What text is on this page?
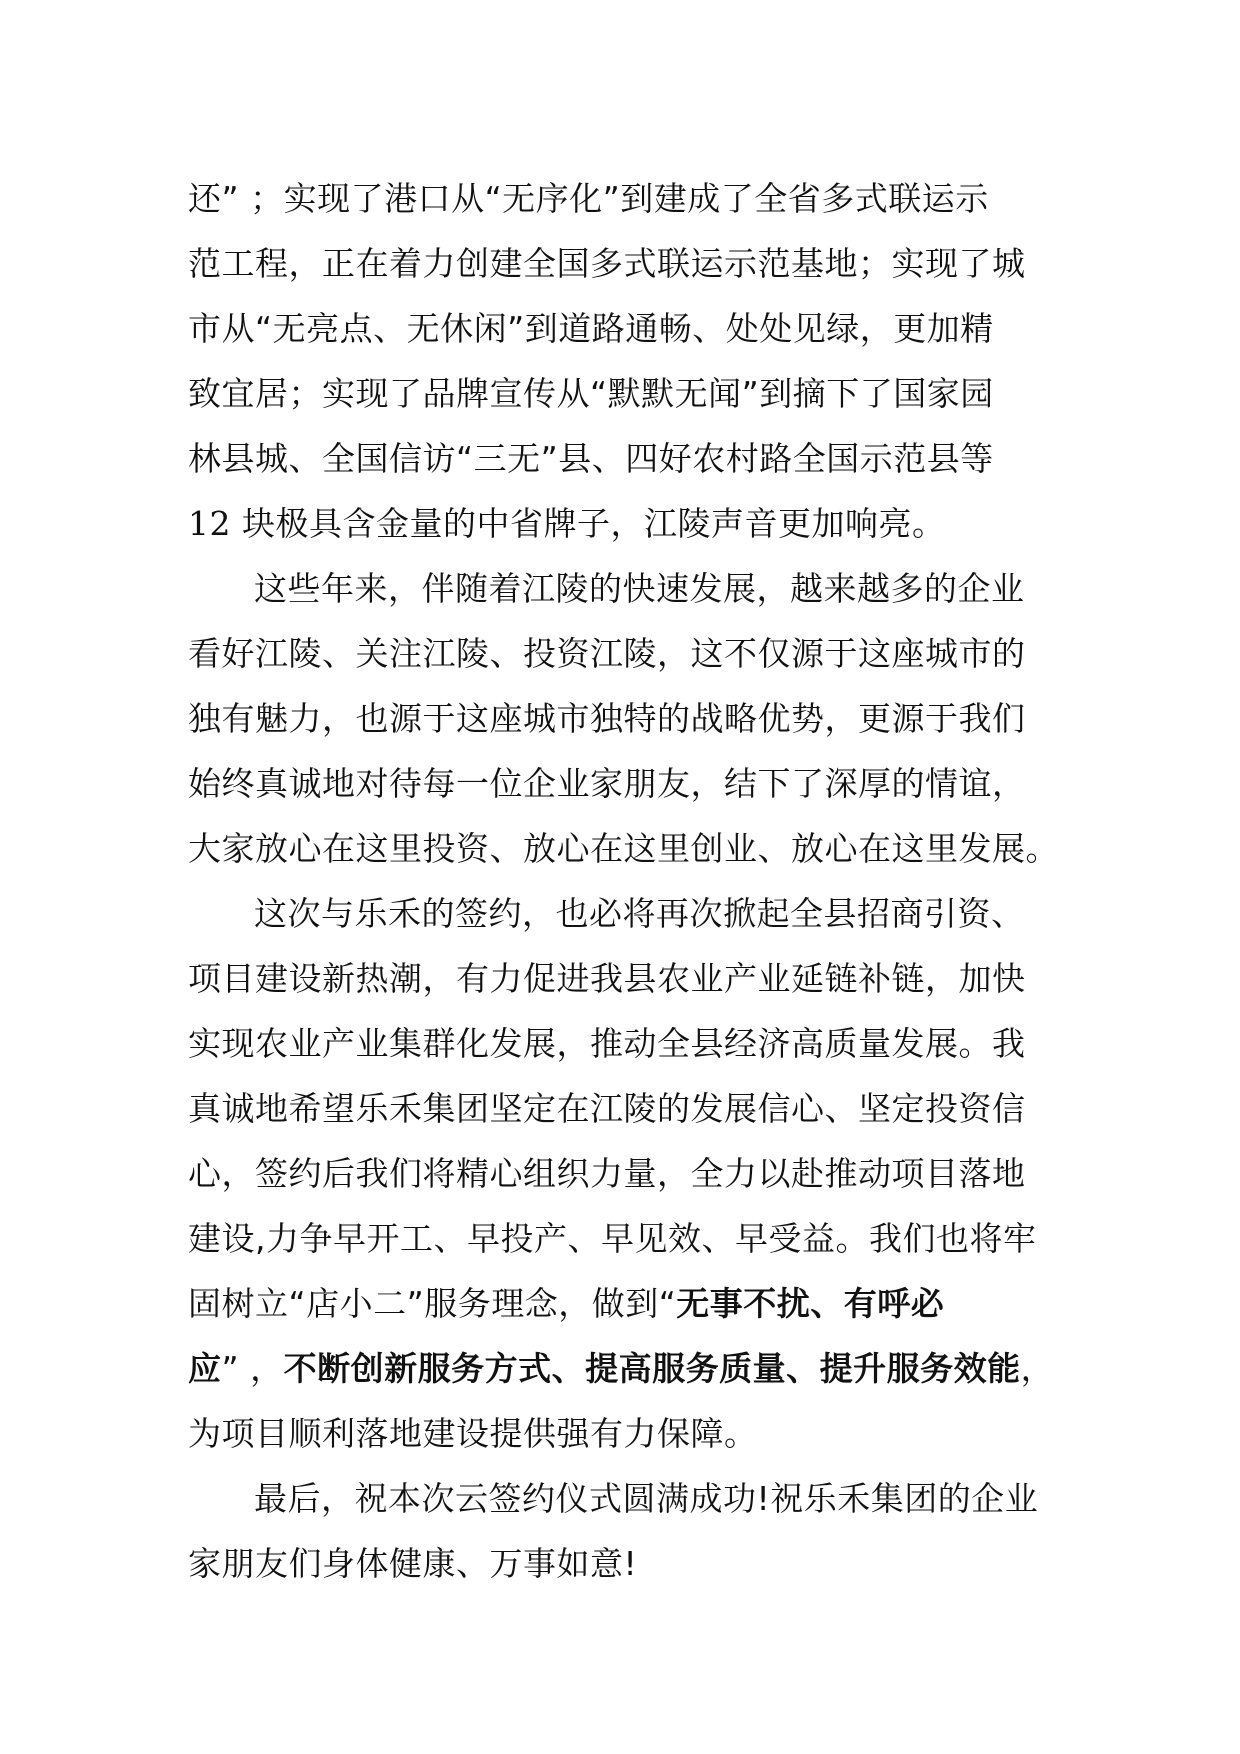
还” ；实现了港口从“无序化”到建成了全省多式联运示
范工程，正在着力创建全国多式联运示范基地；实现了城
市从“无亮点、无休闲”到道路通畅、处处见绿，更加精
致宜居；实现了品牌宣传从“默默无闻”到摘下了国家园
林县城、全国信访“三无”县、四好农村路全国示范县等
12 块极具含金量的中省牌子，江陵声音更加响亮。
这些年来，伴随着江陵的快速发展，越来越多的企业
看好江陵、关注江陵、投资江陵，这不仅源于这座城市的
独有魅力，也源于这座城市独特的战略优势，更源于我们
始终真诚地对待每一位企业家朋友，结下了深厚的情谊，
大家放心在这里投资、放心在这里创业、放心在这里发展。
这次与乐禾的签约，也必将再次掀起全县招商引资、
项目建设新热潮，有力促进我县农业产业延链补链，加快
实现农业产业集群化发展，推动全县经济高质量发展。我
真诚地希望乐禾集团坚定在江陵的发展信心、坚定投资信
心，签约后我们将精心组织力量，全力以赴推动项目落地
建设,力争早开工、早投产、早见效、早受益。我们也将牢
固树立“店小二”服务理念，做到“无事不扰、有呼必
应” ，不断创新服务方式、提高服务质量、提升服务效能，
为项目顺利落地建设提供强有力保障。
最后，祝本次云签约仪式圆满成功!祝乐禾集团的企业
家朋友们身体健康、万事如意!
